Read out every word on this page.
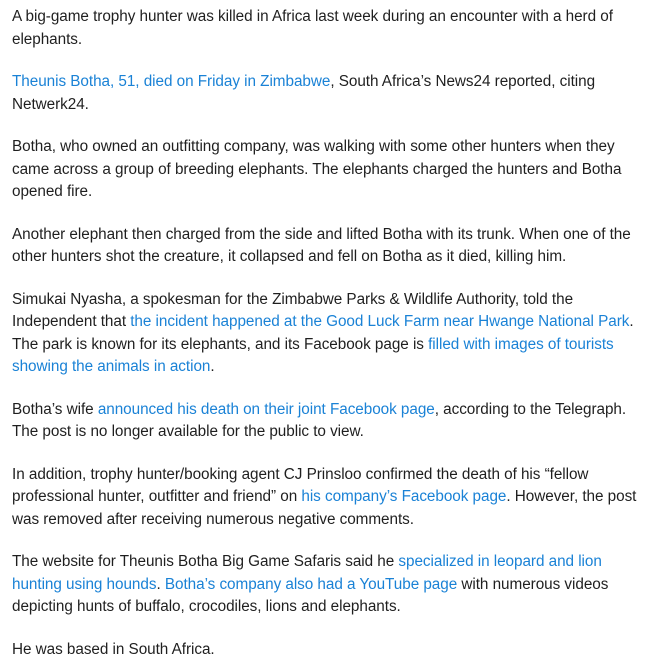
A big-game trophy hunter was killed in Africa last week during an encounter with a herd of elephants.

Theunis Botha, 51, died on Friday in Zimbabwe, South Africa’s News24 reported, citing Netwerk24.

Botha, who owned an outfitting company, was walking with some other hunters when they came across a group of breeding elephants. The elephants charged the hunters and Botha opened fire.

Another elephant then charged from the side and lifted Botha with its trunk. When one of the other hunters shot the creature, it collapsed and fell on Botha as it died, killing him.

Simukai Nyasha, a spokesman for the Zimbabwe Parks & Wildlife Authority, told the Independent that the incident happened at the Good Luck Farm near Hwange National Park. The park is known for its elephants, and its Facebook page is filled with images of tourists showing the animals in action.

Botha’s wife announced his death on their joint Facebook page, according to the Telegraph. The post is no longer available for the public to view.

In addition, trophy hunter/booking agent CJ Prinsloo confirmed the death of his “fellow professional hunter, outfitter and friend” on his company’s Facebook page. However, the post was removed after receiving numerous negative comments.

The website for Theunis Botha Big Game Safaris said he specialized in leopard and lion hunting using hounds. Botha’s company also had a YouTube page with numerous videos depicting hunts of buffalo, crocodiles, lions and elephants.

He was based in South Africa.
